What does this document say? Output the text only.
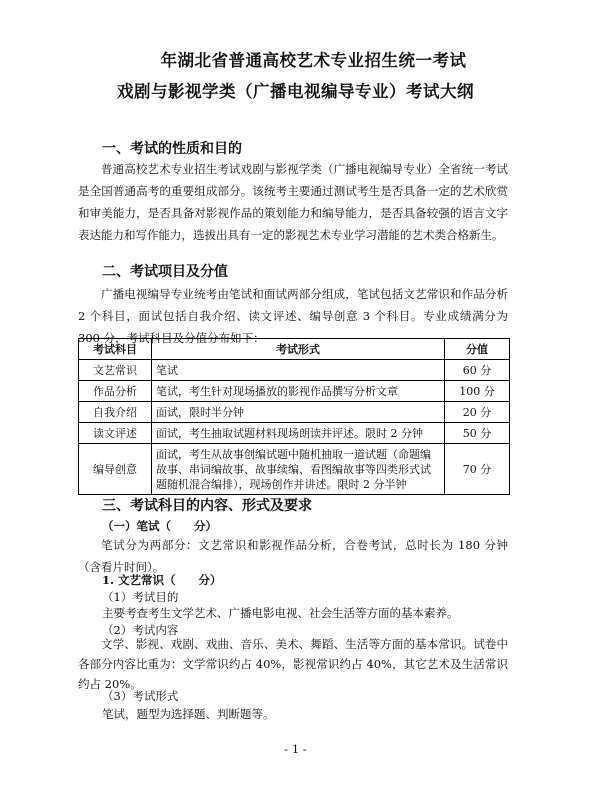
年湖北省普通高校艺术专业招生统一考试
戏剧与影视学类（广播电视编导专业）考试大纲
一、考试的性质和目的
普通高校艺术专业招生考试戏剧与影视学类（广播电视编导专业）全省统一考试是全国普通高考的重要组成部分。该统考主要通过测试考生是否具备一定的艺术欣赏和审美能力，是否具备对影视作品的策划能力和编导能力，是否具备较强的语言文字表达能力和写作能力，选拔出具有一定的影视艺术专业学习潜能的艺术类合格新生。
二、考试项目及分值
广播电视编导专业统考由笔试和面试两部分组成，笔试包括文艺常识和作品分析 2 个科目，面试包括自我介绍、读文评述、编导创意 3 个科目。专业成绩满分为 300 分，考试科目及分值分布如下：
考试科目	考试形式	分值
文艺常识	笔试	60 分
作品分析	笔试，考生针对现场播放的影视作品撰写分析文章	100 分
自我介绍	面试，限时半分钟	20 分
读文评述	面试，考生抽取试题材料现场朗读并评述。限时 2 分钟	50 分
编导创意	面试，考生从故事创编试题中随机抽取一道试题（命题编故事、串词编故事、故事续编、看图编故事等四类形式试题随机混合编排），现场创作并讲述。限时 2 分半钟	70 分
三、考试科目的内容、形式及要求
（一）笔试（　　分）
笔试分为两部分：文艺常识和影视作品分析，合卷考试，总时长为 180 分钟（含看片时间）。
1. 文艺常识（　　分）
（1）考试目的
主要考查考生文学艺术、广播电影电视、社会生活等方面的基本素养。
（2）考试内容
文学、影视、戏剧、戏曲、音乐、美术、舞蹈、生活等方面的基本常识。试卷中各部分内容比重为：文学常识约占 40%，影视常识约占 40%，其它艺术及生活常识约占 20%。
（3）考试形式
笔试，题型为选择题、判断题等。
- 1 -
